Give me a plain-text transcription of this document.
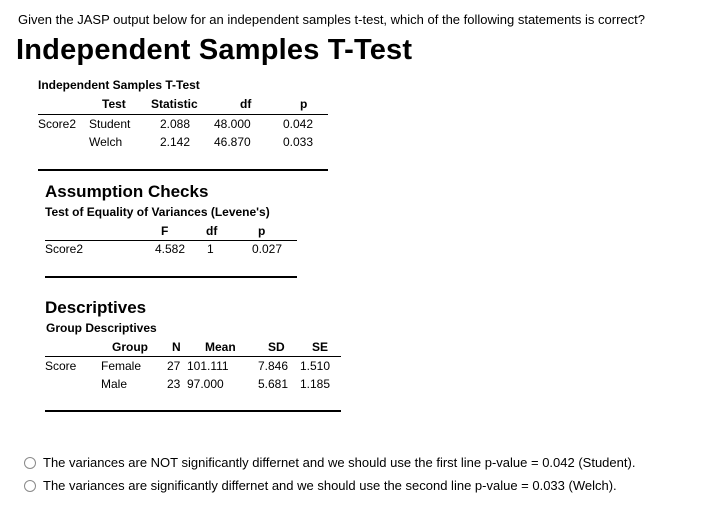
Given the JASP output below for an independent samples t-test, which of the following statements is correct?
Independent Samples T-Test
Independent Samples T-Test
Test Statistic	df	p
Score2 Student 2.088 48.000	0.042
Welch	2.142 46.870	0.033
Assumption Checks
Test of Equality of Variances (Levene's)
F	df	p
Score2	4.582 1	0.027
Descriptives
Group Descriptives
Group N Mean	SD SE
Score Female 27 101.111 7.846 1.510
Male	23 97.000	5.681 1.185
The variances are NOT significantly differnet and we should use the first line p-value = 0.042 (Student).
The variances are significantly differnet and we should use the second line p-value = 0.033 (Welch).
